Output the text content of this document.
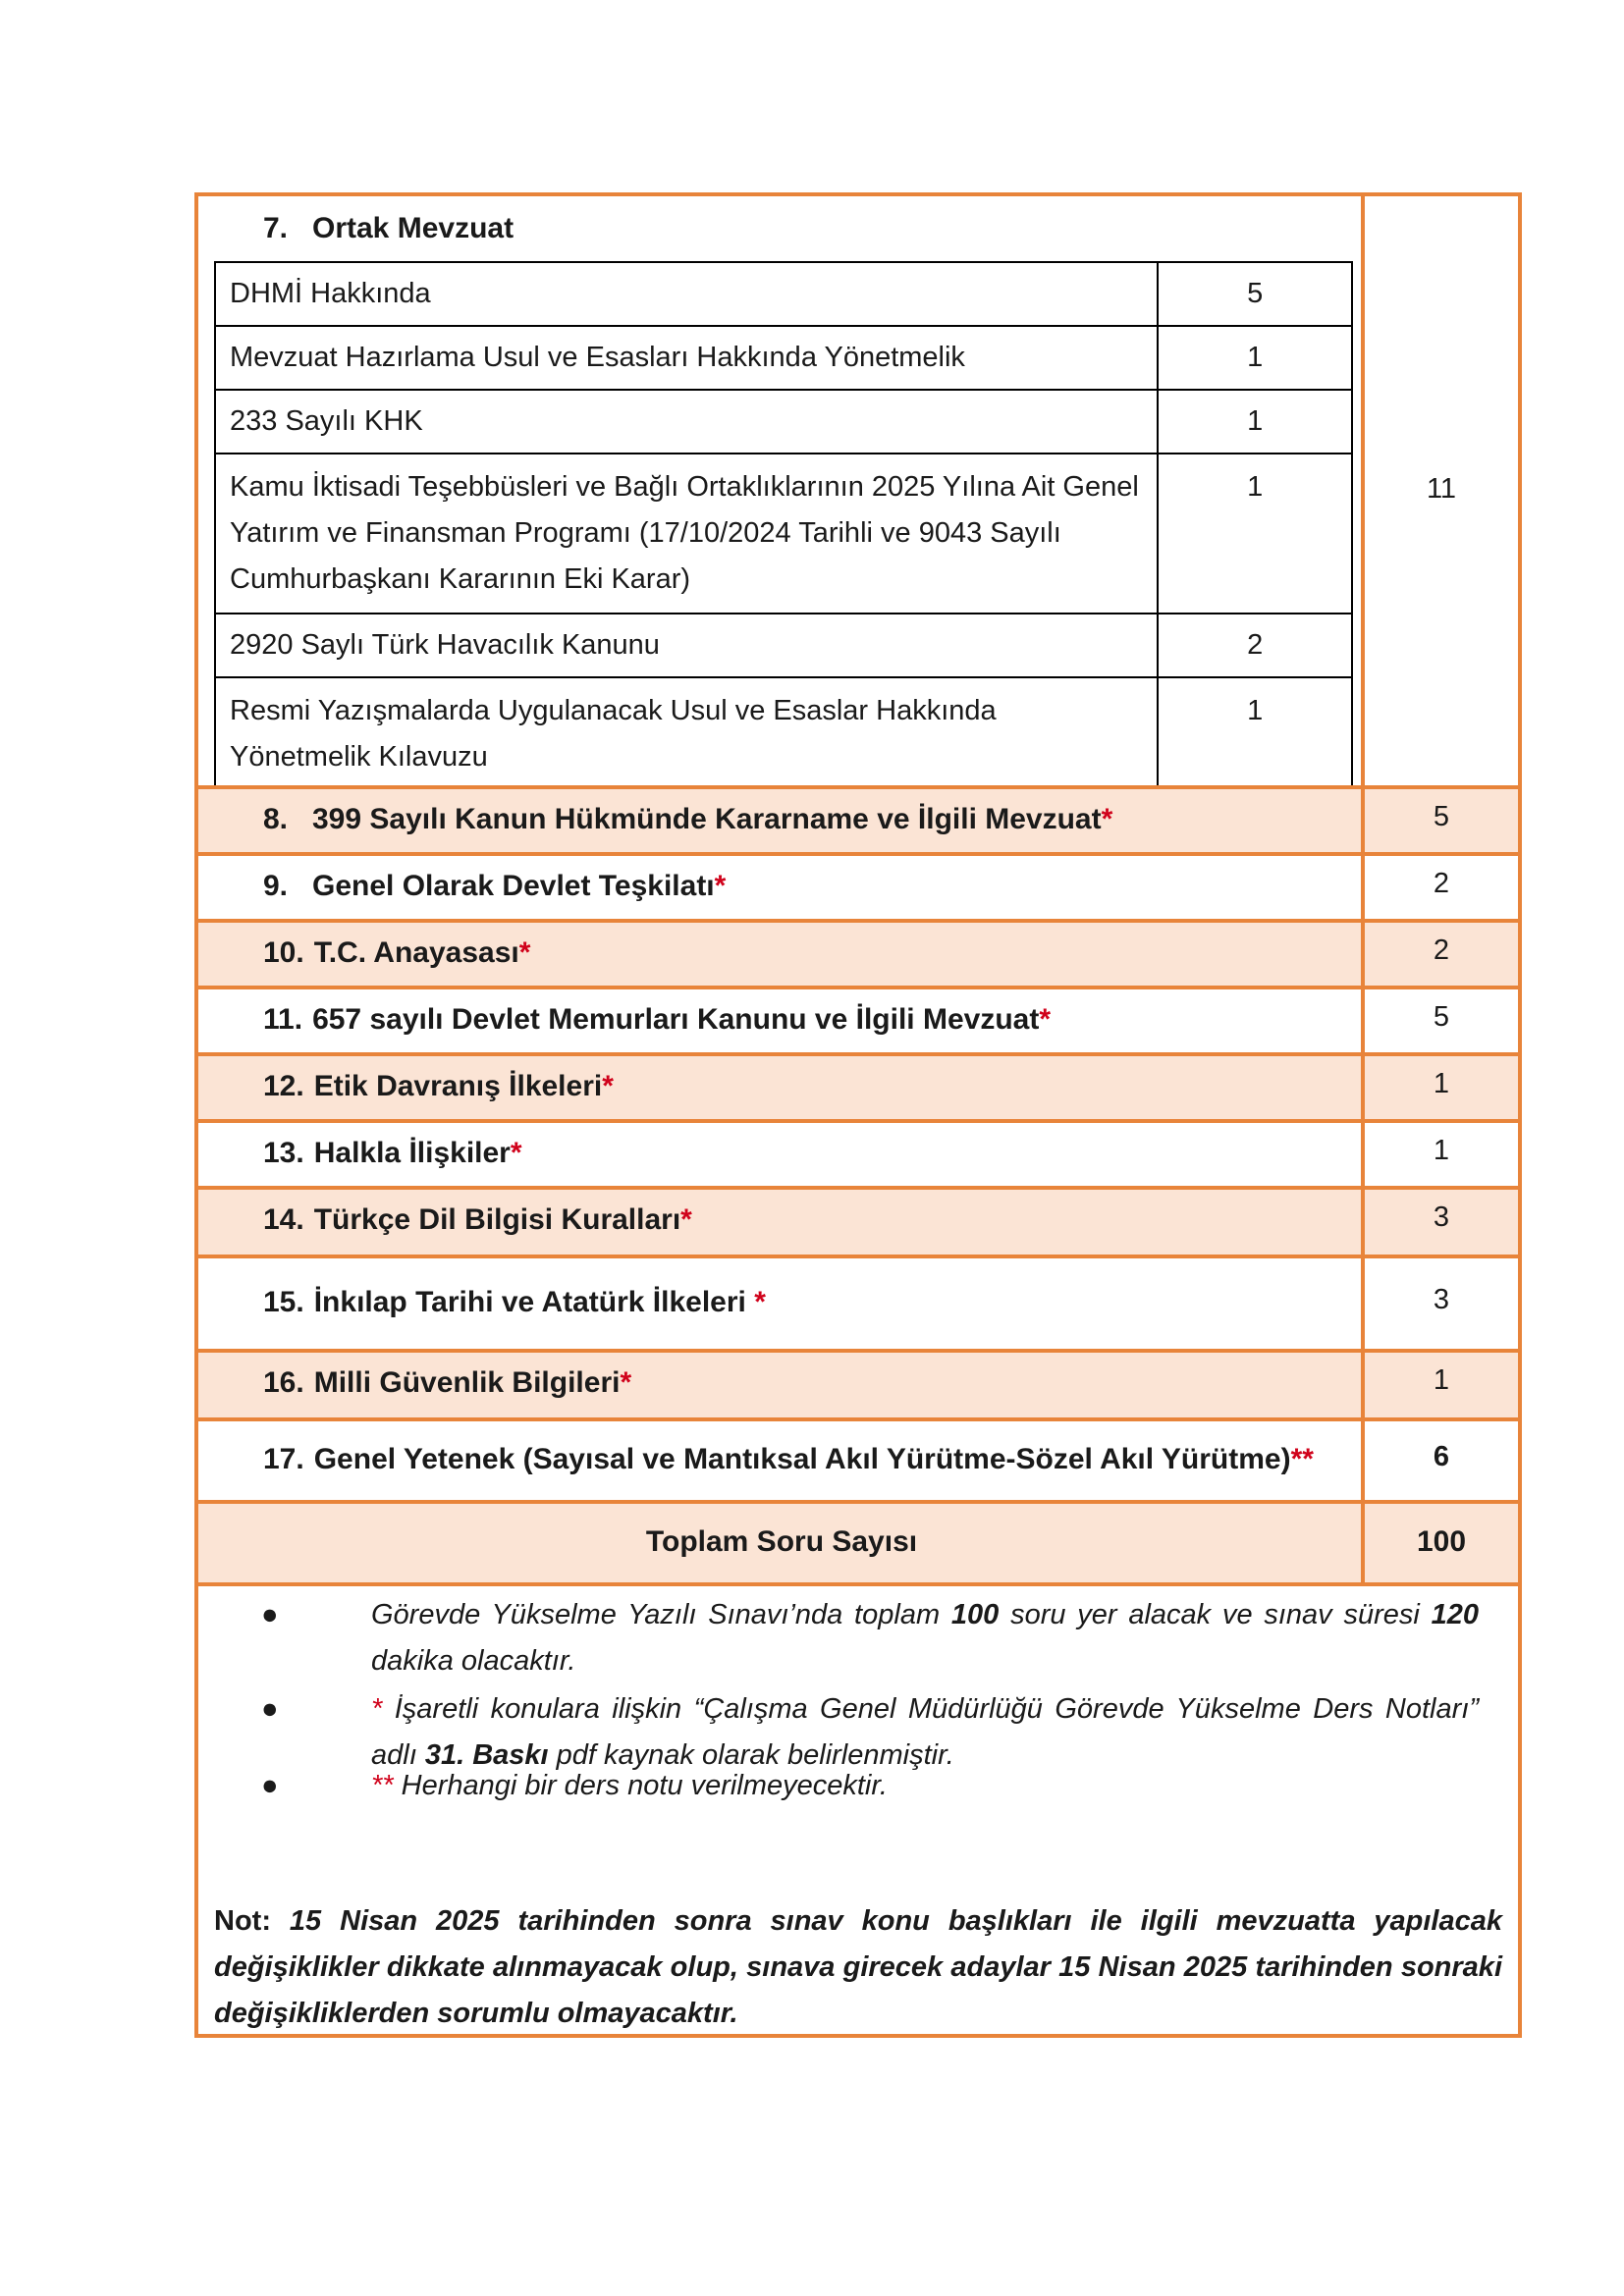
7. Ortak Mevzuat
DHMİ Hakkında	5
Mevzuat Hazırlama Usul ve Esasları Hakkında Yönetmelik	1
233 Sayılı KHK	1
Kamu İktisadi Teşebbüsleri ve Bağlı Ortaklıklarının 2025 Yılına Ait Genel Yatırım ve Finansman Programı (17/10/2024 Tarihli ve 9043 Sayılı Cumhurbaşkanı Kararının Eki Karar)	1
2920 Saylı Türk Havacılık Kanunu	2
Resmi Yazışmalarda Uygulanacak Usul ve Esaslar Hakkında Yönetmelik Kılavuzu	1
11
8. 399 Sayılı Kanun Hükmünde Kararname ve İlgili Mevzuat*	5
9. Genel Olarak Devlet Teşkilatı*	2
10. T.C. Anayasası*	2
11. 657 sayılı Devlet Memurları Kanunu ve İlgili Mevzuat*	5
12. Etik Davranış İlkeleri*	1
13. Halkla İlişkiler*	1
14. Türkçe Dil Bilgisi Kuralları*	3
15. İnkılap Tarihi ve Atatürk İlkeleri *	3
16. Milli Güvenlik Bilgileri*	1
17. Genel Yetenek (Sayısal ve Mantıksal Akıl Yürütme-Sözel Akıl Yürütme)**	6
Toplam Soru Sayısı	100
●	Görevde Yükselme Yazılı Sınavı’nda toplam 100 soru yer alacak ve sınav süresi 120 dakika olacaktır.
●	* İşaretli konulara ilişkin “Çalışma Genel Müdürlüğü Görevde Yükselme Ders Notları” adlı 31. Baskı pdf kaynak olarak belirlenmiştir.
●	** Herhangi bir ders notu verilmeyecektir.
Not: 15 Nisan 2025 tarihinden sonra sınav konu başlıkları ile ilgili mevzuatta yapılacak değişiklikler dikkate alınmayacak olup, sınava girecek adaylar 15 Nisan 2025 tarihinden sonraki değişikliklerden sorumlu olmayacaktır.
